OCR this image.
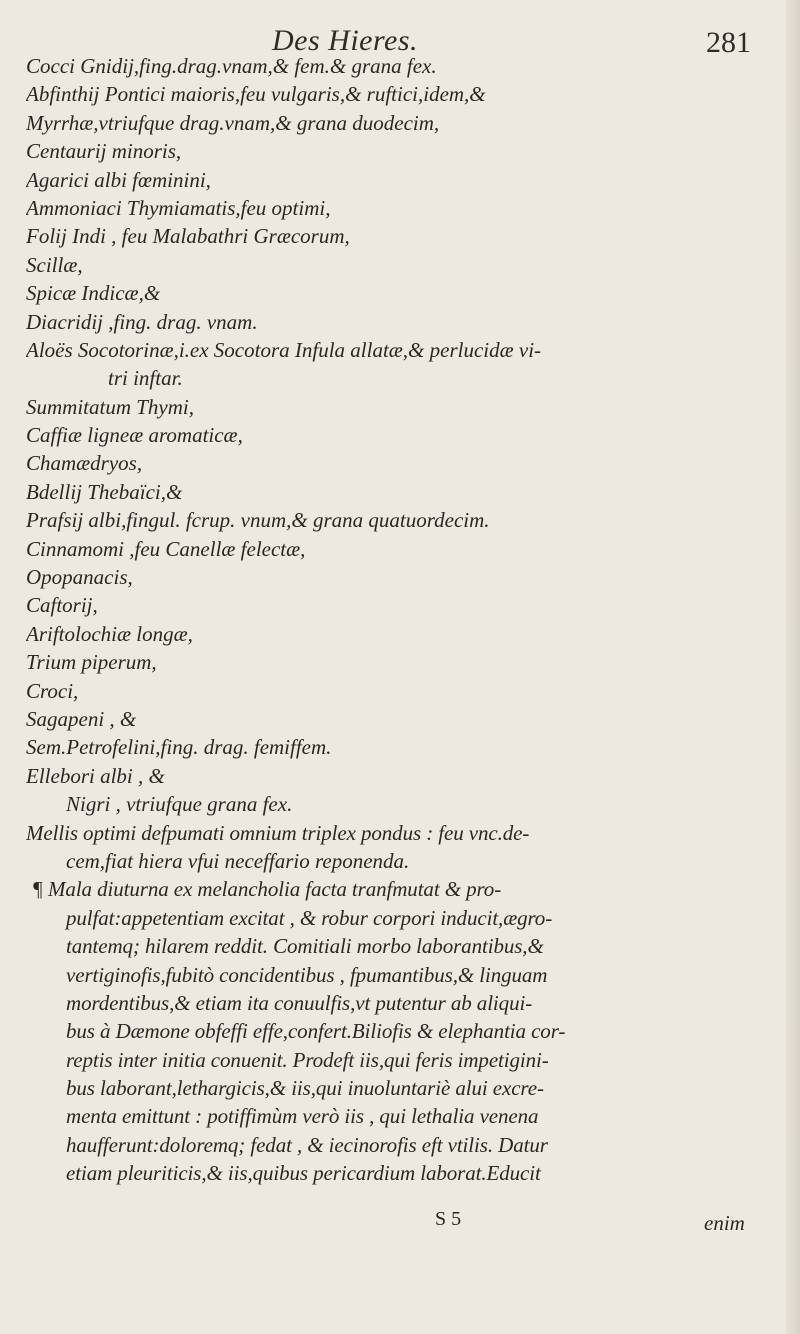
Des Hieres.	281
Cocci Gnidij,fing.drag.vnam,& fem.& grana fex.
Abfinthij Pontici maioris,feu vulgaris,& ruftici,idem,&
Myrrhæ,vtriufque drag.vnam,& grana duodecim,
Centaurij minoris,
Agarici albi fœminini,
Ammoniaci Thymiamatis,feu optimi,
Folij Indi , feu Malabathri Græcorum,
Scillæ,
Spicæ Indicæ,&
Diacridij ,fing. drag. vnam.
Aloës Socotorinæ,i.ex Socotora Infula allatæ,& perlucidæ vi-
tri inftar.
Summitatum Thymi,
Caffiæ ligneæ aromaticæ,
Chamædryos,
Bdellij Thebaïci,&
Prafsij albi,fingul. fcrup. vnum,& grana quatuordecim.
Cinnamomi ,feu Canellæ felectæ,
Opopanacis,
Caftorij,
Ariftolochiæ longæ,
Trium piperum,
Croci,
Sagapeni , &
Sem.Petrofelini,fing. drag. femiffem.
Ellebori albi , &
Nigri , vtriufque grana fex.
Mellis optimi defpumati omnium triplex pondus : feu vnc.de-
cem,fiat hiera vfui neceffario reponenda.
¶ Mala diuturna ex melancholia facta tranfmutat & pro-
pulfat:appetentiam excitat , & robur corpori inducit,ægro-
tantemq; hilarem reddit. Comitiali morbo laborantibus,&
vertiginofis,fubitò concidentibus , fpumantibus,& linguam
mordentibus,& etiam ita conuulfis,vt putentur ab aliqui-
bus à Dæmone obfeffi effe,confert.Biliofis & elephantia cor-
reptis inter initia conuenit. Prodeft iis,qui feris impetigini-
bus laborant,lethargicis,& iis,qui inuoluntariè alui excre-
menta emittunt : potiffimùm verò iis , qui lethalia venena
haufferunt:doloremq; fedat , & iecinorofis eft vtilis. Datur
etiam pleuriticis,& iis,quibus pericardium laborat.Educit
S 5	enim
